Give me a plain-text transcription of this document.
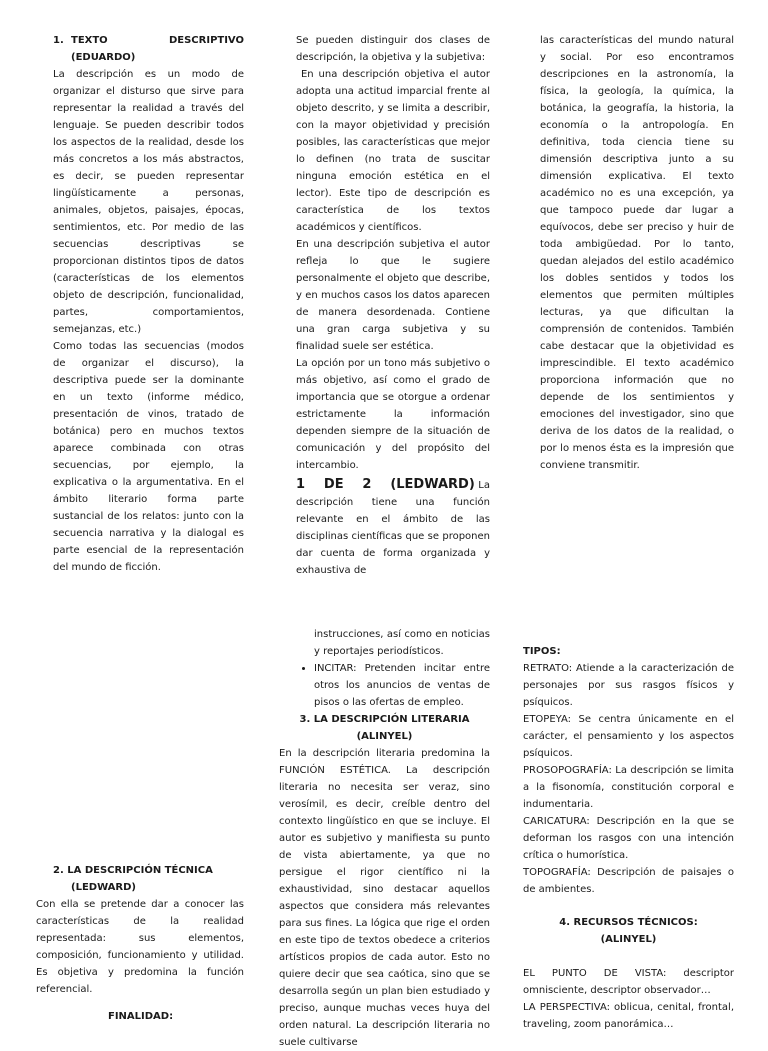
1. TEXTO	DESCRIPTIVO
(EDUARDO)

La descripción es un modo de organizar el disturso que sirve para representar la realidad a través del lenguaje. Se pueden describir todos los aspectos de la realidad, desde los más concretos a los más abstractos, es decir, se pueden representar lingüísticamente a personas, animales, objetos, paisajes, épocas, sentimientos, etc. Por medio de las secuencias descriptivas se proporcionan distintos tipos de datos (características de los elementos objeto de descripción, funcionalidad, partes, comportamientos, semejanzas, etc.)

Como todas las secuencias (modos de organizar el discurso), la descriptiva puede ser la dominante en un texto (informe médico, presentación de vinos, tratado de botánica) pero en muchos textos aparece combinada con otras secuencias, por ejemplo, la explicativa o la argumentativa. En el ámbito literario forma parte sustancial de los relatos: junto con la secuencia narrativa y la dialogal es parte esencial de la representación del mundo de ficción.

Se pueden distinguir dos clases de descripción, la objetiva y la subjetiva:

En una descripción objetiva el autor adopta una actitud imparcial frente al objeto descrito, y se limita a describir, con la mayor objetividad y precisión posibles, las características que mejor lo definen (no trata de suscitar ninguna emoción estética en el lector). Este tipo de descripción es característica de los textos académicos y científicos.

En una descripción subjetiva el autor refleja lo que le sugiere personalmente el objeto que describe, y en muchos casos los datos aparecen de manera desordenada. Contiene una gran carga subjetiva y su finalidad suele ser estética.

La opción por un tono más subjetivo o más objetivo, así como el grado de importancia que se otorgue a ordenar estrictamente la información dependen siempre de la situación de comunicación y del propósito del intercambio.

1 DE 2 (LEDWARD) La descripción tiene una función relevante en el ámbito de las disciplinas científicas que se proponen dar cuenta de forma organizada y exhaustiva de

las características del mundo natural y social. Por eso encontramos descripciones en la astronomía, la física, la geología, la química, la botánica, la geografía, la historia, la economía o la antropología. En definitiva, toda ciencia tiene su dimensión descriptiva junto a su dimensión explicativa. El texto académico no es una excepción, ya que tampoco puede dar lugar a equívocos, debe ser preciso y huir de toda ambigüedad. Por lo tanto, quedan alejados del estilo académico los dobles sentidos y todos los elementos que permiten múltiples lecturas, ya que dificultan la comprensión de contenidos. También cabe destacar que la objetividad es imprescindible. El texto académico proporciona información que no depende de los sentimientos y emociones del investigador, sino que deriva de los datos de la realidad, o por lo menos ésta es la impresión que conviene transmitir.

2. LA DESCRIPCIÓN TÉCNICA
(LEDWARD)

Con ella se pretende dar a conocer las características de la realidad representada: sus elementos, composición, funcionamiento y utilidad. Es objetiva y predomina la función referencial.

FINALIDAD:

instrucciones, así como en noticias y reportajes periodísticos.

• INCITAR: Pretenden incitar entre otros los anuncios de ventas de pisos o las ofertas de empleo.
3. LA DESCRIPCIÓN LITERARIA
(ALINYEL)

En la descripción literaria predomina la FUNCIÓN ESTÉTICA. La descripción literaria no necesita ser veraz, sino verosímil, es decir, creíble dentro del contexto lingüístico en que se incluye. El autor es subjetivo y manifiesta su punto de vista abiertamente, ya que no persigue el rigor científico ni la exhaustividad, sino destacar aquellos aspectos que considera más relevantes para sus fines. La lógica que rige el orden en este tipo de textos obedece a criterios artísticos propios de cada autor. Esto no quiere decir que sea caótica, sino que se desarrolla según un plan bien estudiado y preciso, aunque muchas veces huya del orden natural. La descripción literaria no suele cultivarse

TIPOS:

RETRATO: Atiende a la caracterización de personajes por sus rasgos físicos y psíquicos.

ETOPEYA: Se centra únicamente en el carácter, el pensamiento y los aspectos psíquicos.

PROSOPOGRAFÍA: La descripción se limita a la fisonomía, constitución corporal e indumentaria.

CARICATURA: Descripción en la que se deforman los rasgos con una intención crítica o humorística.

TOPOGRAFÍA: Descripción de paisajes o de ambientes.

4. RECURSOS TÉCNICOS:
(ALINYEL)

EL PUNTO DE VISTA: descriptor omnisciente, descriptor observador…

LA PERSPECTIVA: oblicua, cenital, frontal, traveling, zoom panorámica…
